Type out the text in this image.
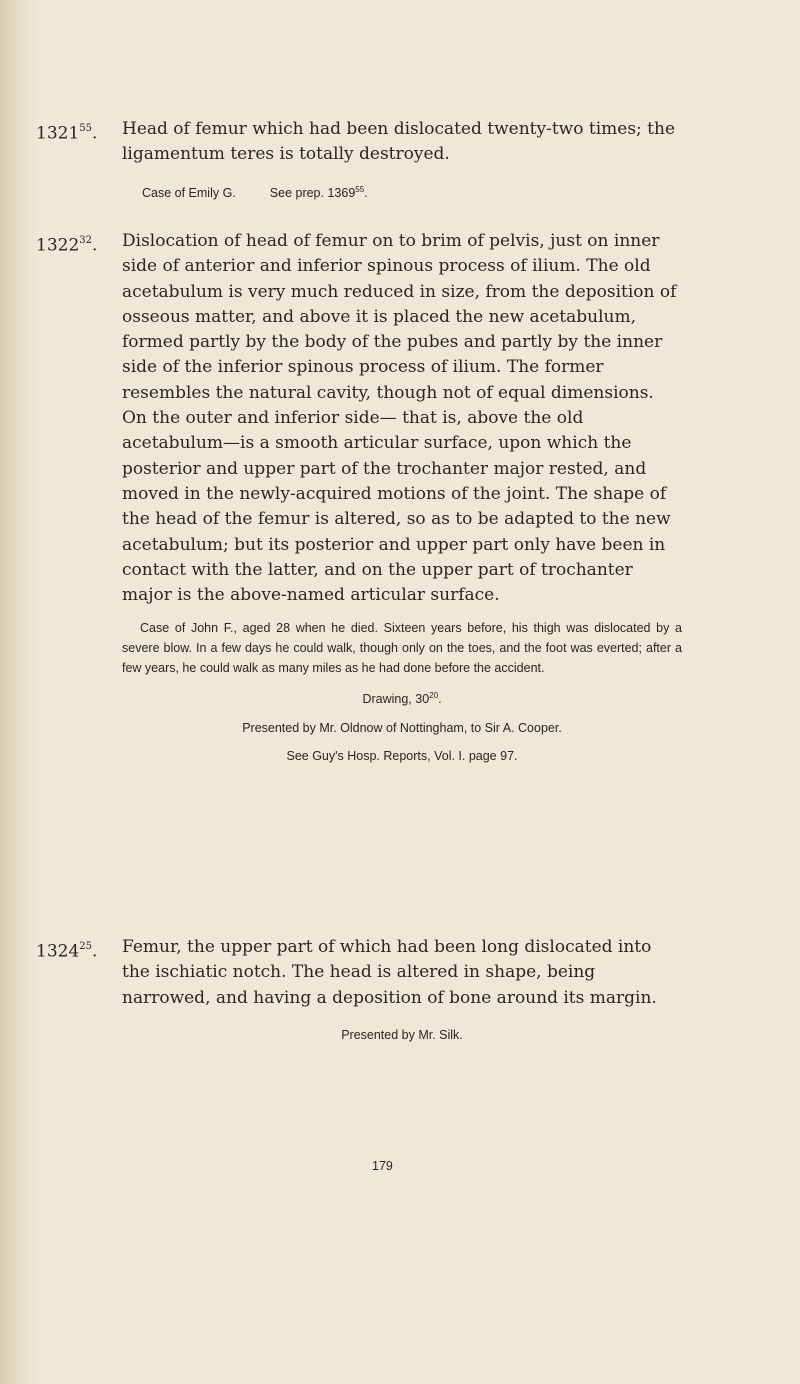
1321$^{55}$. Head of femur which had been dislocated twenty-two times; the ligamentum teres is totally destroyed.

Case of Emily G.	See prep. 1369$^{55}$.

1322$^{32}$. Dislocation of head of femur on to brim of pelvis, just on inner side of anterior and inferior spinous process of ilium. The old acetabulum is very much reduced in size, from the deposition of osseous matter, and above it is placed the new acetabulum, formed partly by the body of the pubes and partly by the inner side of the inferior spinous process of ilium. The former resembles the natural cavity, though not of equal dimensions. On the outer and inferior side— that is, above the old acetabulum—is a smooth articular surface, upon which the posterior and upper part of the trochanter major rested, and moved in the newly-acquired motions of the joint. The shape of the head of the femur is altered, so as to be adapted to the new acetabulum; but its posterior and upper part only have been in contact with the latter, and on the upper part of trochanter major is the above-named articular surface.

Case of John F., aged 28 when he died. Sixteen years before, his thigh was dislocated by a severe blow. In a few days he could walk, though only on the toes, and the foot was everted; after a few years, he could walk as many miles as he had done before the accident.

Drawing, $30^{20}$.

Presented by Mr. Oldnow of Nottingham, to Sir A. Cooper.

See Guy's Hosp. Reports, Vol. I. page 97.

1324$^{25}$. Femur, the upper part of which had been long dislocated into the ischiatic notch. The head is altered in shape, being narrowed, and having a deposition of bone around its margin.

Presented by Mr. Silk.

179
